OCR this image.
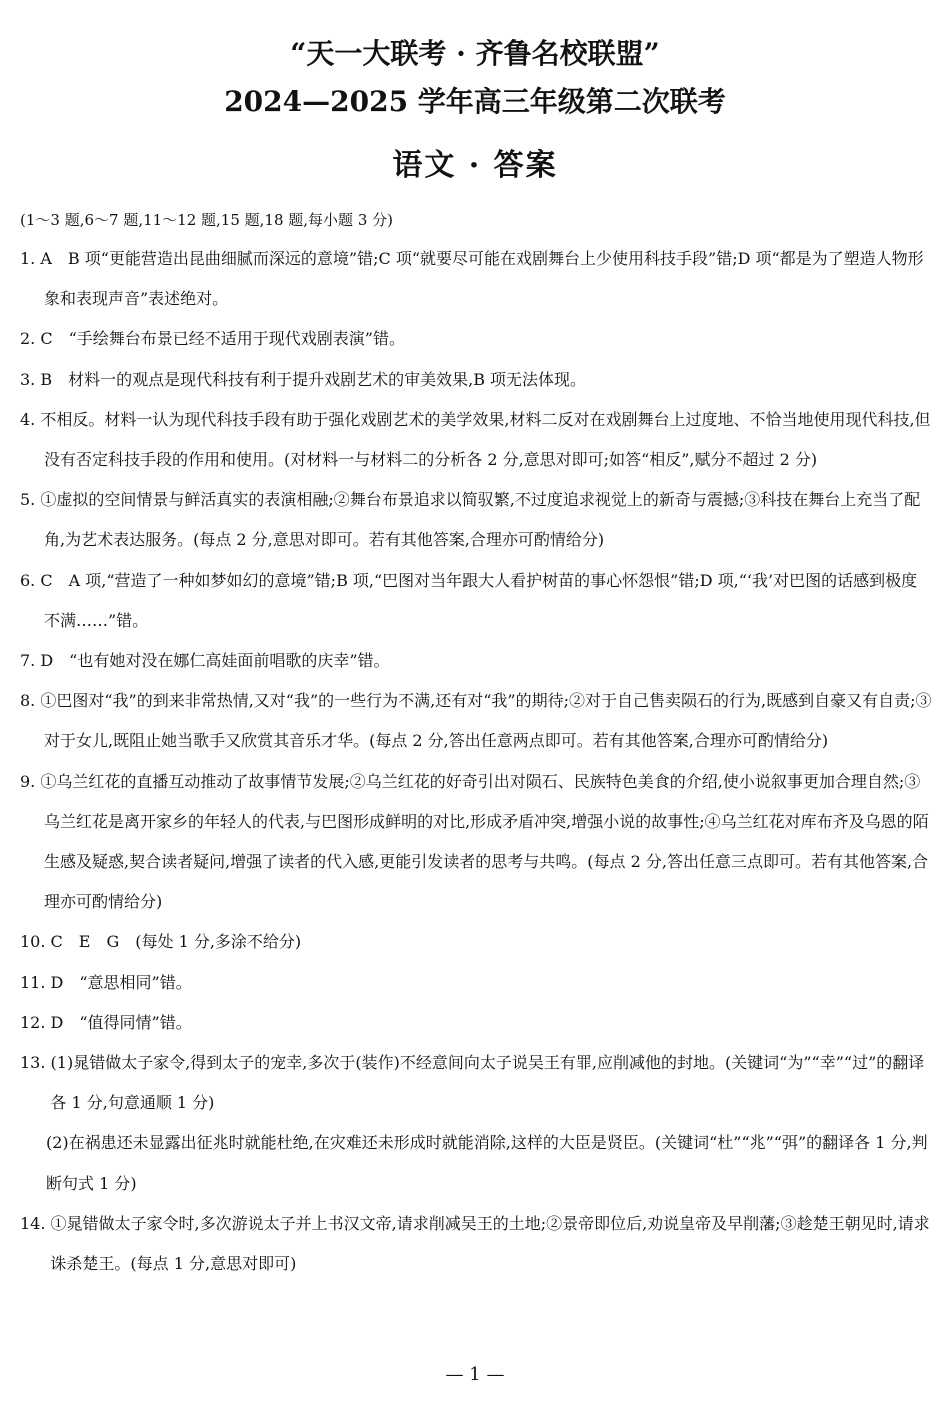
“天一大联考 · 齐鲁名校联盟”
2024—2025 学年高三年级第二次联考
语文 · 答案
(1～3 题,6～7 题,11～12 题,15 题,18 题,每小题 3 分)

1. A　B 项“更能营造出昆曲细腻而深远的意境”错;C 项“就要尽可能在戏剧舞台上少使用科技手段”错;D 项“都是为了塑造人物形象和表现声音”表述绝对。

2. C　“手绘舞台布景已经不适用于现代戏剧表演”错。

3. B　材料一的观点是现代科技有利于提升戏剧艺术的审美效果,B 项无法体现。

4. 不相反。材料一认为现代科技手段有助于强化戏剧艺术的美学效果,材料二反对在戏剧舞台上过度地、不恰当地使用现代科技,但没有否定科技手段的作用和使用。(对材料一与材料二的分析各 2 分,意思对即可;如答“相反”,赋分不超过 2 分)

5. ①虚拟的空间情景与鲜活真实的表演相融;②舞台布景追求以简驭繁,不过度追求视觉上的新奇与震撼;③科技在舞台上充当了配角,为艺术表达服务。(每点 2 分,意思对即可。若有其他答案,合理亦可酌情给分)

6. C　A 项,“营造了一种如梦如幻的意境”错;B 项,“巴图对当年跟大人看护树苗的事心怀怨恨”错;D 项,“‘我’对巴图的话感到极度不满……”错。

7. D　“也有她对没在娜仁高娃面前唱歌的庆幸”错。

8. ①巴图对“我”的到来非常热情,又对“我”的一些行为不满,还有对“我”的期待;②对于自己售卖陨石的行为,既感到自豪又有自责;③对于女儿,既阻止她当歌手又欣赏其音乐才华。(每点 2 分,答出任意两点即可。若有其他答案,合理亦可酌情给分)

9. ①乌兰红花的直播互动推动了故事情节发展;②乌兰红花的好奇引出对陨石、民族特色美食的介绍,使小说叙事更加合理自然;③乌兰红花是离开家乡的年轻人的代表,与巴图形成鲜明的对比,形成矛盾冲突,增强小说的故事性;④乌兰红花对库布齐及乌恩的陌生感及疑惑,契合读者疑问,增强了读者的代入感,更能引发读者的思考与共鸣。(每点 2 分,答出任意三点即可。若有其他答案,合理亦可酌情给分)

10. C　E　G　(每处 1 分,多涂不给分)

11. D　“意思相同”错。

12. D　“值得同情”错。

13. (1)晁错做太子家令,得到太子的宠幸,多次于(装作)不经意间向太子说吴王有罪,应削减他的封地。(关键词“为”“幸”“过”的翻译各 1 分,句意通顺 1 分)

(2)在祸患还未显露出征兆时就能杜绝,在灾难还未形成时就能消除,这样的大臣是贤臣。(关键词“杜”“兆”“弭”的翻译各 1 分,判断句式 1 分)

14. ①晁错做太子家令时,多次游说太子并上书汉文帝,请求削减吴王的土地;②景帝即位后,劝说皇帝及早削藩;③趁楚王朝见时,请求诛杀楚王。(每点 1 分,意思对即可)

— 1 —
